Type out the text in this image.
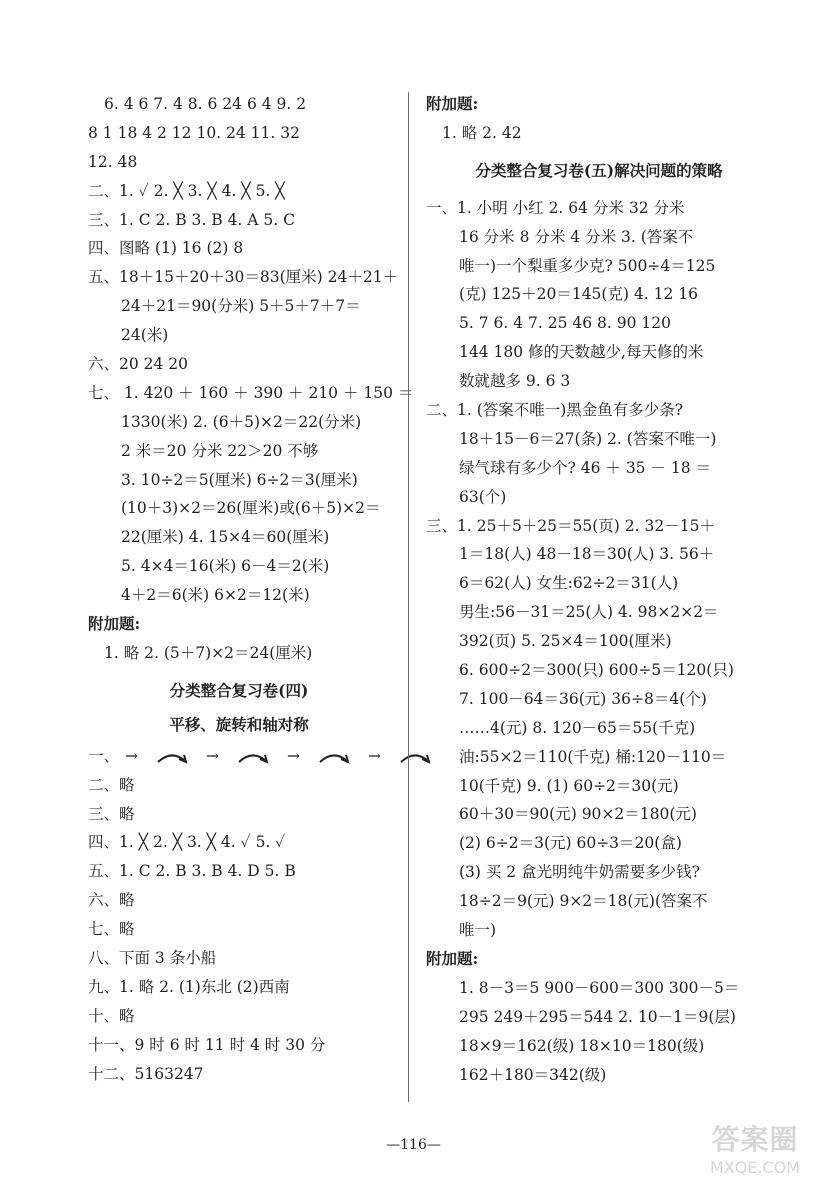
6. 4 6 7. 4 8. 6 24 6 4 9. 2
8 1 18 4 2 12 10. 24 11. 32
12. 48
二、1. ✓ 2. ╳ 3. ╳ 4. ╳ 5. ╳
三、1. C 2. B 3. B 4. A 5. C
四、图略 (1) 16 (2) 8
五、18＋15＋20＋30＝83(厘米) 24＋21＋
24＋21＝90(分米) 5＋5＋7＋7＝
24(米)
六、20 24 20
七、 1. 420 ＋ 160 ＋ 390 ＋ 210 ＋ 150 ＝
1330(米) 2. (6＋5)×2＝22(分米)
2 米＝20 分米 22＞20 不够
3. 10÷2＝5(厘米) 6÷2＝3(厘米)
(10＋3)×2＝26(厘米)或(6＋5)×2＝
22(厘米) 4. 15×4＝60(厘米)
5. 4×4＝16(米) 6－4＝2(米)
4＋2＝6(米) 6×2＝12(米)
附加题:
1. 略 2. (5＋7)×2＝24(厘米)
分类整合复习卷(四)
平移、旋转和轴对称
一、 →	→	→	→
二、略
三、略
四、1. ╳ 2. ╳ 3. ╳ 4. ✓ 5. ✓
五、1. C 2. B 3. B 4. D 5. B
六、略
七、略
八、下面 3 条小船
九、1. 略 2. (1)东北 (2)西南
十、略
十一、9 时 6 时 11 时 4 时 30 分
十二、5163247
附加题:
1. 略 2. 42
分类整合复习卷(五)解决问题的策略
一、1. 小明 小红 2. 64 分米 32 分米
16 分米 8 分米 4 分米 3. (答案不
唯一)一个梨重多少克? 500÷4＝125
(克) 125＋20＝145(克) 4. 12 16
5. 7 6. 4 7. 25 46 8. 90 120
144 180 修的天数越少,每天修的米
数就越多 9. 6 3
二、1. (答案不唯一)黑金鱼有多少条?
18＋15－6＝27(条) 2. (答案不唯一)
绿气球有多少个? 46 ＋ 35 － 18 ＝
63(个)
三、1. 25＋5＋25＝55(页) 2. 32－15＋
1＝18(人) 48－18＝30(人) 3. 56＋
6＝62(人) 女生:62÷2＝31(人)
男生:56－31＝25(人) 4. 98×2×2＝
392(页) 5. 25×4＝100(厘米)
6. 600÷2＝300(只) 600÷5＝120(只)
7. 100－64＝36(元) 36÷8＝4(个)
……4(元) 8. 120－65＝55(千克)
油:55×2＝110(千克) 桶:120－110＝
10(千克) 9. (1) 60÷2＝30(元)
60＋30＝90(元) 90×2＝180(元)
(2) 6÷2＝3(元) 60÷3＝20(盒)
(3) 买 2 盒光明纯牛奶需要多少钱?
18÷2＝9(元) 9×2＝18(元)(答案不
唯一)
附加题:
1. 8－3＝5 900－600＝300 300－5＝
295 249＋295＝544 2. 10－1＝9(层)
18×9＝162(级) 18×10＝180(级)
162＋180＝342(级)
—116—	答案圈
MXQE.COM
